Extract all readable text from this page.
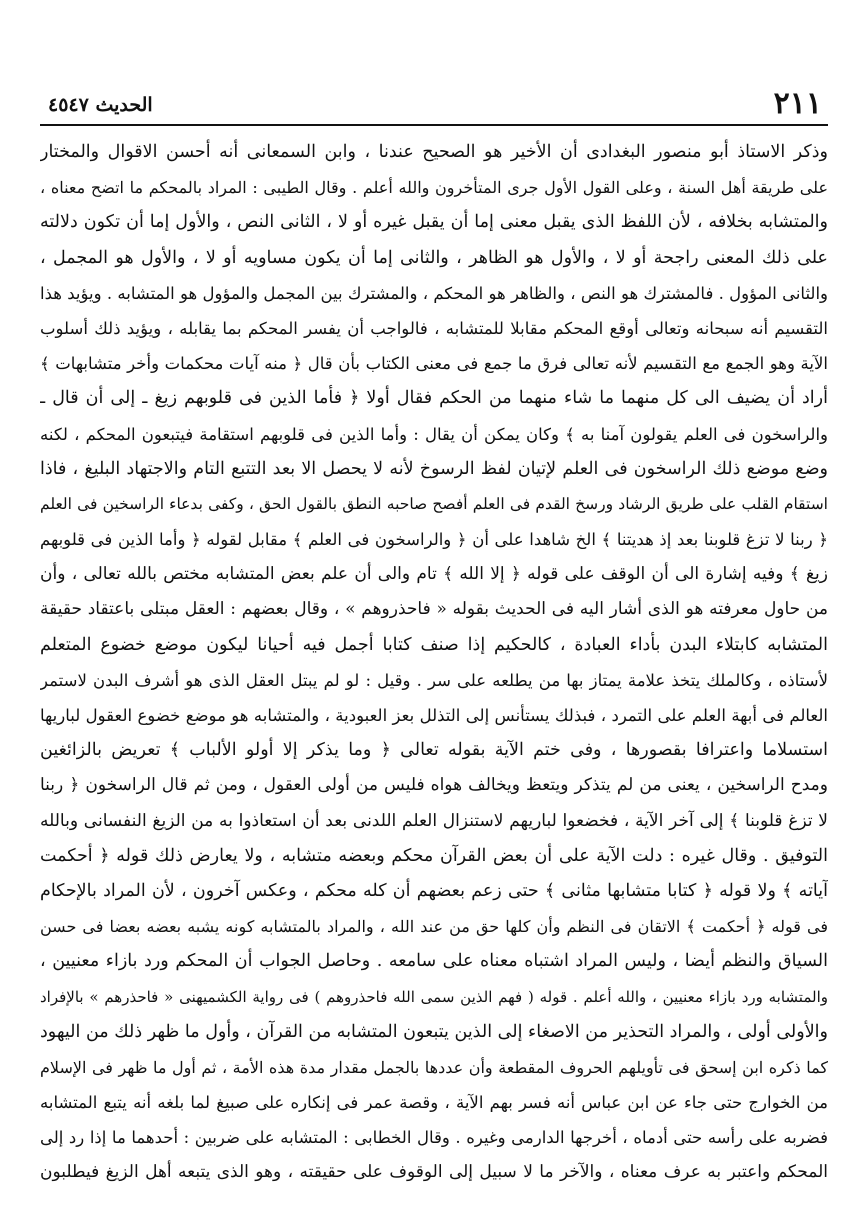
٢١١
الحديث ٤٥٤٧
وذكر الاستاذ أبو منصور البغدادى أن الأخير هو الصحيح عندنا ، وابن السمعانى أنه أحسن الاقوال والمختار
على طريقة أهل السنة ، وعلى القول الأول جرى المتأخرون والله أعلم . وقال الطيبى : المراد بالمحكم ما اتضح معناه ،
والمتشابه بخلافه ، لأن اللفظ الذى يقبل معنى إما أن يقبل غيره أو لا ، الثانى النص ، والأول إما أن تكون دلالته
على ذلك المعنى راجحة أو لا ، والأول هو الظاهر ، والثانى إما أن يكون مساويه أو لا ، والأول هو المجمل ،
والثانى المؤول . فالمشترك هو النص ، والظاهر هو المحكم ، والمشترك بين المجمل والمؤول هو المتشابه . ويؤيد هذا
التقسيم أنه سبحانه وتعالى أوقع المحكم مقابلا للمتشابه ، فالواجب أن يفسر المحكم بما يقابله ، ويؤيد ذلك أسلوب
الآية وهو الجمع مع التقسيم لأنه تعالى فرق ما جمع فى معنى الكتاب بأن قال ﴿ منه آيات محكمات وأخر متشابهات ﴾
أراد أن يضيف الى كل منهما ما شاء منهما من الحكم فقال أولا ﴿ فأما الذين فى قلوبهم زيغ ـ إلى أن قال ـ
والراسخون فى العلم يقولون آمنا به ﴾ وكان يمكن أن يقال : وأما الذين فى قلوبهم استقامة فيتبعون المحكم ، لكنه
وضع موضع ذلك الراسخون فى العلم لإتيان لفظ الرسوخ لأنه لا يحصل الا بعد التتبع التام والاجتهاد البليغ ، فاذا
استقام القلب على طريق الرشاد ورسخ القدم فى العلم أفصح صاحبه النطق بالقول الحق ، وكفى بدعاء الراسخين فى العلم
﴿ ربنا لا تزغ قلوبنا بعد إذ هديتنا ﴾ الخ شاهدا على أن ﴿ والراسخون فى العلم ﴾ مقابل لقوله ﴿ وأما الذين فى قلوبهم
زيغ ﴾ وفيه إشارة الى أن الوقف على قوله ﴿ إلا الله ﴾ تام والى أن علم بعض المتشابه مختص بالله تعالى ، وأن
من حاول معرفته هو الذى أشار اليه فى الحديث بقوله « فاحذروهم » ، وقال بعضهم : العقل مبتلى باعتقاد حقيقة
المتشابه كابتلاء البدن بأداء العبادة ، كالحكيم إذا صنف كتابا أجمل فيه أحيانا ليكون موضع خضوع المتعلم
لأستاذه ، وكالملك يتخذ علامة يمتاز بها من يطلعه على سر . وقيل : لو لم يبتل العقل الذى هو أشرف البدن لاستمر
العالم فى أبهة العلم على التمرد ، فبذلك يستأنس إلى التذلل بعز العبودية ، والمتشابه هو موضع خضوع العقول لباريها
استسلاما واعترافا بقصورها ، وفى ختم الآية بقوله تعالى ﴿ وما يذكر إلا أولو الألباب ﴾ تعريض بالزائغين
ومدح الراسخين ، يعنى من لم يتذكر ويتعظ ويخالف هواه فليس من أولى العقول ، ومن ثم قال الراسخون ﴿ ربنا
لا تزغ قلوبنا ﴾ إلى آخر الآية ، فخضعوا لباريهم لاستنزال العلم اللدنى بعد أن استعاذوا به من الزيغ النفسانى وبالله
التوفيق . وقال غيره : دلت الآية على أن بعض القرآن محكم وبعضه متشابه ، ولا يعارض ذلك قوله ﴿ أحكمت
آياته ﴾ ولا قوله ﴿ كتابا متشابها مثانى ﴾ حتى زعم بعضهم أن كله محكم ، وعكس آخرون ، لأن المراد بالإحكام
فى قوله ﴿ أحكمت ﴾ الاتقان فى النظم وأن كلها حق من عند الله ، والمراد بالمتشابه كونه يشبه بعضه بعضا فى حسن
السياق والنظم أيضا ، وليس المراد اشتباه معناه على سامعه . وحاصل الجواب أن المحكم ورد بازاء معنيين ،
والمتشابه ورد بازاء معنيين ، والله أعلم . قوله ( فهم الذين سمى الله فاحذروهم ) فى رواية الكشميهنى « فاحذرهم » بالإفراد
والأولى أولى ، والمراد التحذير من الاصغاء إلى الذين يتبعون المتشابه من القرآن ، وأول ما ظهر ذلك من اليهود
كما ذكره ابن إسحق فى تأويلهم الحروف المقطعة وأن عددها بالجمل مقدار مدة هذه الأمة ، ثم أول ما ظهر فى الإسلام
من الخوارج حتى جاء عن ابن عباس أنه فسر بهم الآية ، وقصة عمر فى إنكاره على صبيغ لما بلغه أنه يتبع المتشابه
فضربه على رأسه حتى أدماه ، أخرجها الدارمى وغيره . وقال الخطابى : المتشابه على ضربين : أحدهما ما إذا رد إلى
المحكم واعتبر به عرف معناه ، والآخر ما لا سبيل إلى الوقوف على حقيقته ، وهو الذى يتبعه أهل الزيغ فيطلبون
